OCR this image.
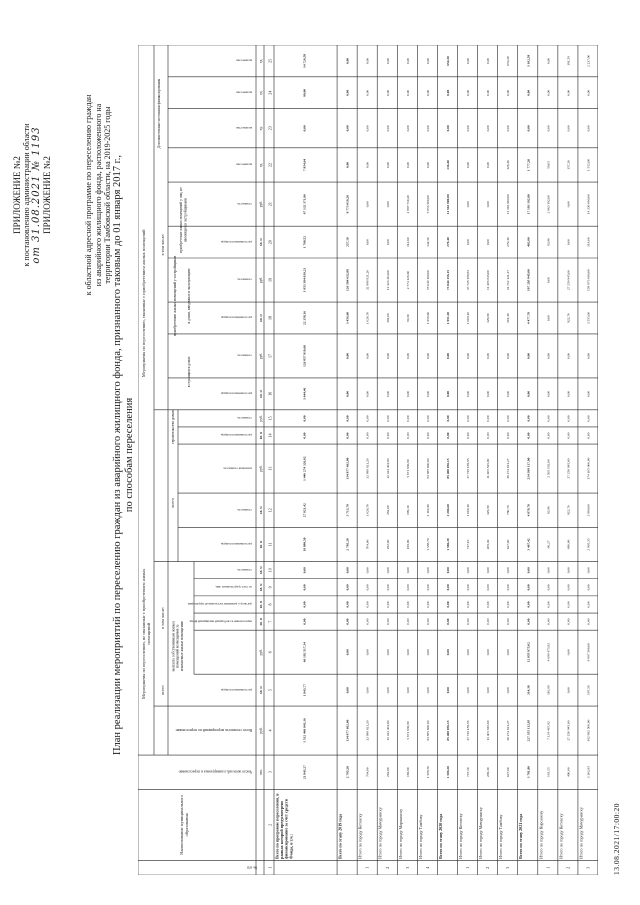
ПРИЛОЖЕНИЕ №2 к постановлению администрации области от 31.08.2021 № 1193 ПРИЛОЖЕНИЕ №2	к областной адресной программе по переселению граждан из аварийного жилищного фонда, расположенного на территории Тамбовской области, на 2019-2025 годы План реализации мероприятий по переселению граждан из аварийного жилищного фонда, признанного таковым до 01 января 2017 г., по способам переселения
№ п/п
Наименование муниципального образования
Число жителей, планируемых к переселению
Всего стоимость мероприятий по переселению
Мероприятия по переселению, не связанные с приобретением жилых помещений
Мероприятия по переселению, связанные с приобретением жилых помещений
всего
в том числе:
выплата собственникам жилых помещений возмещения за изымаемые жилые помещения
переселение в свободный жилищный фонд
договор о развитии застроенной территории
за счет средств иных лиц
всего
в том числе:
строительство домов
приобретение жилых помещений у застройщиков
в строящихся домах
в домах, введенных в эксплуатацию
приобретение жилых помещений у лиц, не являющихся застройщиками
Дополнительные источники финансирования
расселяемая площадь
стоимость
плановая стоимость
расселяемая площадь
стоимость
расселяемая площадь
стоимость
расселяемая площадь
стоимость
расселяемая площадь
стоимость
количество
количество
количество
количество
расселяемая площадь
стоимость
чел.
руб.
кв. м
руб.
кв. м
кв. м
кв. м
кв. м
кв. м
кв. м
руб.
кв. м
руб.
кв. м
руб.
кв. м
руб.
кв. м
руб.
ед.
ед.
ед.
ед.
1
2
3
4
5
6
7
8
9
10
11
12
13
14
15
16
17
18
19
20
21
22
23
24
25
Всего по программе переселения, в рамках которой предусмотрено финансирование за счет средств Фонда, в т.ч.:
21 843,27
1 512 466 843,36
1 843,77
66 192 517,34
0,00
0,00
0,00
0,00
19 999,50
27 821,42
1 446 274 326,02
0,00
0,00
3 644,46
126 857 919,60
22 358,16
1 853 384 039,21
1 798,52
67 132 371,96
7 954,64
0,00
99,00
14 726,58
Всего по этапу 2019 года
2 795,20
134 977 662,00
0,00
0,00
0,00
0,00
0,00
0,00
2 795,20
3 713,70
134 977 662,00
0,00
0,00
0,00
0,00
3 456,60
126 584 652,88
257,10
8 773 019,20
0,00
0,00
0,00
0,00
1
Итого по городу Котовску
704,00
32 998 821,20
0,00
0,00
0,00
0,00
0,00
0,00
704,00
1 020,70
32 998 821,20
0,00
0,00
0,00
0,00
1 020,70
32 998 821,20
0,00
0,00
0,00
0,00
0,00
0,00
2
Итого по городу Мичуринску
292,60
12 423 404,00
0,00
0,00
0,00
0,00
0,00
0,00
292,60
382,00
12 423 404,00
0,00
0,00
0,00
0,00
382,00
12 423 404,00
0,00
0,00
0,00
0,00
0,00
0,00
3
Итого по городу Моршанску
169,90
5 671 836,80
0,00
0,00
0,00
0,00
0,00
0,00
169,90
199,10
5 671 836,80
0,00
0,00
0,00
0,00
84,50
2 774 126,60
112,60
2 897 710,20
0,00
0,00
0,00
0,00
4
Итого по городу Тамбову
1 588,70
83 885 600,00
0,00
0,00
0,00
0,00
0,00
0,00
1 588,70
2 102,90
83 885 600,00
0,00
0,00
0,00
0,00
1 958,60
78 030 100,00
144,50
5 855 500,00
0,00
0,00
0,00
0,00
Всего по этапу 2020 года
1 586,20
85 408 056,15
0,00
0,00
0,00
0,00
0,00
0,00
1 586,20
2 286,60
85 408 056,15
0,00
0,00
0,00
0,00
1 951,20
73 844 156,15
279,40
11 563 900,00
136,40
0,00
0,00
654,30
1
Итого по городу Котовску
747,10
37 728 189,85
0,00
0,00
0,00
0,00
0,00
0,00
747,10
1 009,10
37 728 189,85
0,00
0,00
0,00
0,00
1 009,10
37 728 189,85
0,00
0,00
0,00
0,00
0,00
0,00
2
Итого по городу Мичуринску
209,30
11 405 845,00
0,00
0,00
0,00
0,00
0,00
0,00
209,30
329,80
11 405 845,00
0,00
0,00
0,00
0,00
329,80
11 405 845,00
0,00
0,00
0,00
0,00
0,00
0,00
3
Итого по городу Тамбову
627,60
36 274 021,27
0,00
0,00
0,00
0,00
0,00
0,00
627,60
780,70
36 274 021,27
0,00
0,00
0,00
0,00
501,30
24 712 121,27
279,40
11 563 900,00
126,40
0,00
0,00
654,30
Всего по этапу 2021 года
3 781,80
227 355 112,95
314,38
12 855 975,02
0,00
0,00
0,00
0,00
3 467,42
4 879,70
214 399 137,90
0,00
0,00
0,00
0,00
4 477,70
197 295 945,00
402,00
17 193 192,80
1 777,20
0,00
0,00
3 102,58
1
Итого по городу Кирсанову
183,15
7 134 467,92
116,88
4 698 475,92
0,00
0,00
0,00
0,00
66,27
83,80
2 505 192,00
0,00
0,00
0,00
0,00
0,00
0,00
83,80
2 863 192,00
58,05
0,00
0,00
0,00
2
Итого по городу Котовску
490,00
27 250 945,00
0,00
0,00
0,00
0,00
0,00
0,00
490,00
922,70
27 250 945,00
0,00
0,00
0,00
0,00
922,70
27 250 945,00
0,00
0,00
157,20
0,00
0,00
191,58
3
Итого по городу Мичуринску
3 102,85
182 992 500,00
197,50
8 887 500,00
0,00
0,00
0,00
0,00
2 905,35
3 969,00
174 105 000,00
0,00
0,00
0,00
0,00
3 555,00
159 975 000,00
114,00
14 330 000,00
1 552,00
0,00
0,00
2 237,00
13.08.2021/17:00:20
